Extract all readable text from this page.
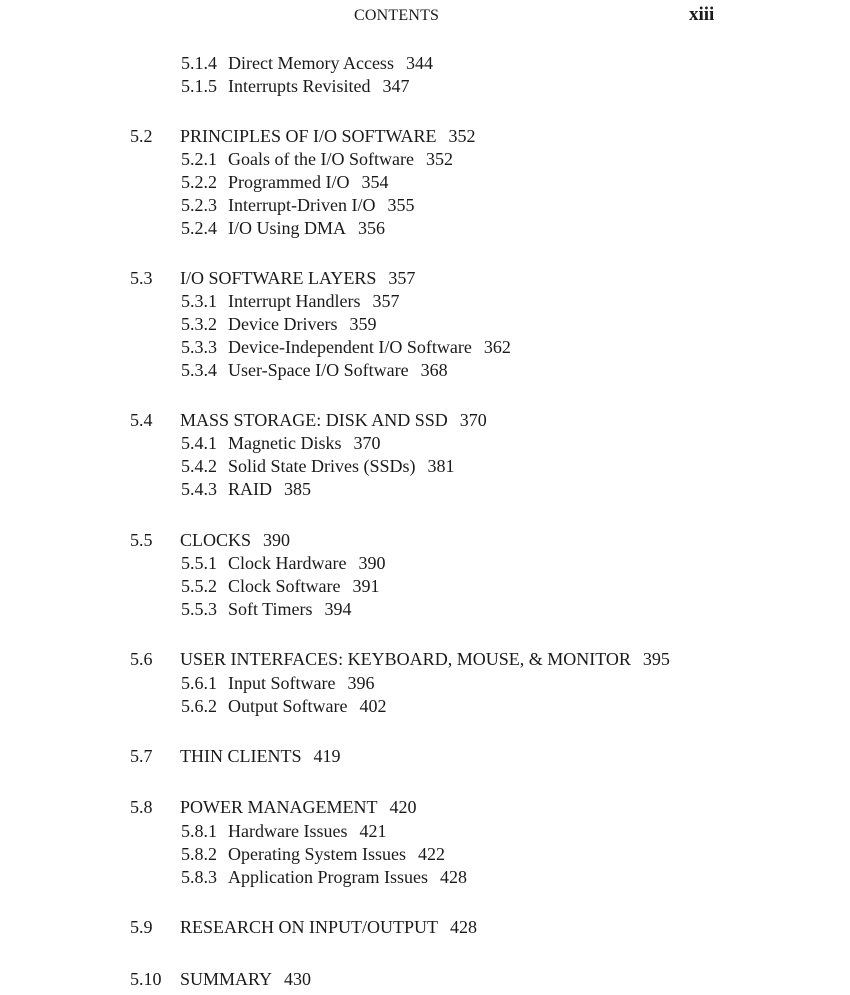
CONTENTS	xiii
5.1.4 Direct Memory Access 344
5.1.5 Interrupts Revisited 347
5.2 PRINCIPLES OF I/O SOFTWARE 352
5.2.1 Goals of the I/O Software 352
5.2.2 Programmed I/O 354
5.2.3 Interrupt-Driven I/O 355
5.2.4 I/O Using DMA 356
5.3 I/O SOFTWARE LAYERS 357
5.3.1 Interrupt Handlers 357
5.3.2 Device Drivers 359
5.3.3 Device-Independent I/O Software 362
5.3.4 User-Space I/O Software 368
5.4 MASS STORAGE: DISK AND SSD 370
5.4.1 Magnetic Disks 370
5.4.2 Solid State Drives (SSDs) 381
5.4.3 RAID 385
5.5 CLOCKS 390
5.5.1 Clock Hardware 390
5.5.2 Clock Software 391
5.5.3 Soft Timers 394
5.6 USER INTERFACES: KEYBOARD, MOUSE, & MONITOR 395
5.6.1 Input Software 396
5.6.2 Output Software 402
5.7 THIN CLIENTS 419
5.8 POWER MANAGEMENT 420
5.8.1 Hardware Issues 421
5.8.2 Operating System Issues 422
5.8.3 Application Program Issues 428
5.9 RESEARCH ON INPUT/OUTPUT 428
5.10 SUMMARY 430
